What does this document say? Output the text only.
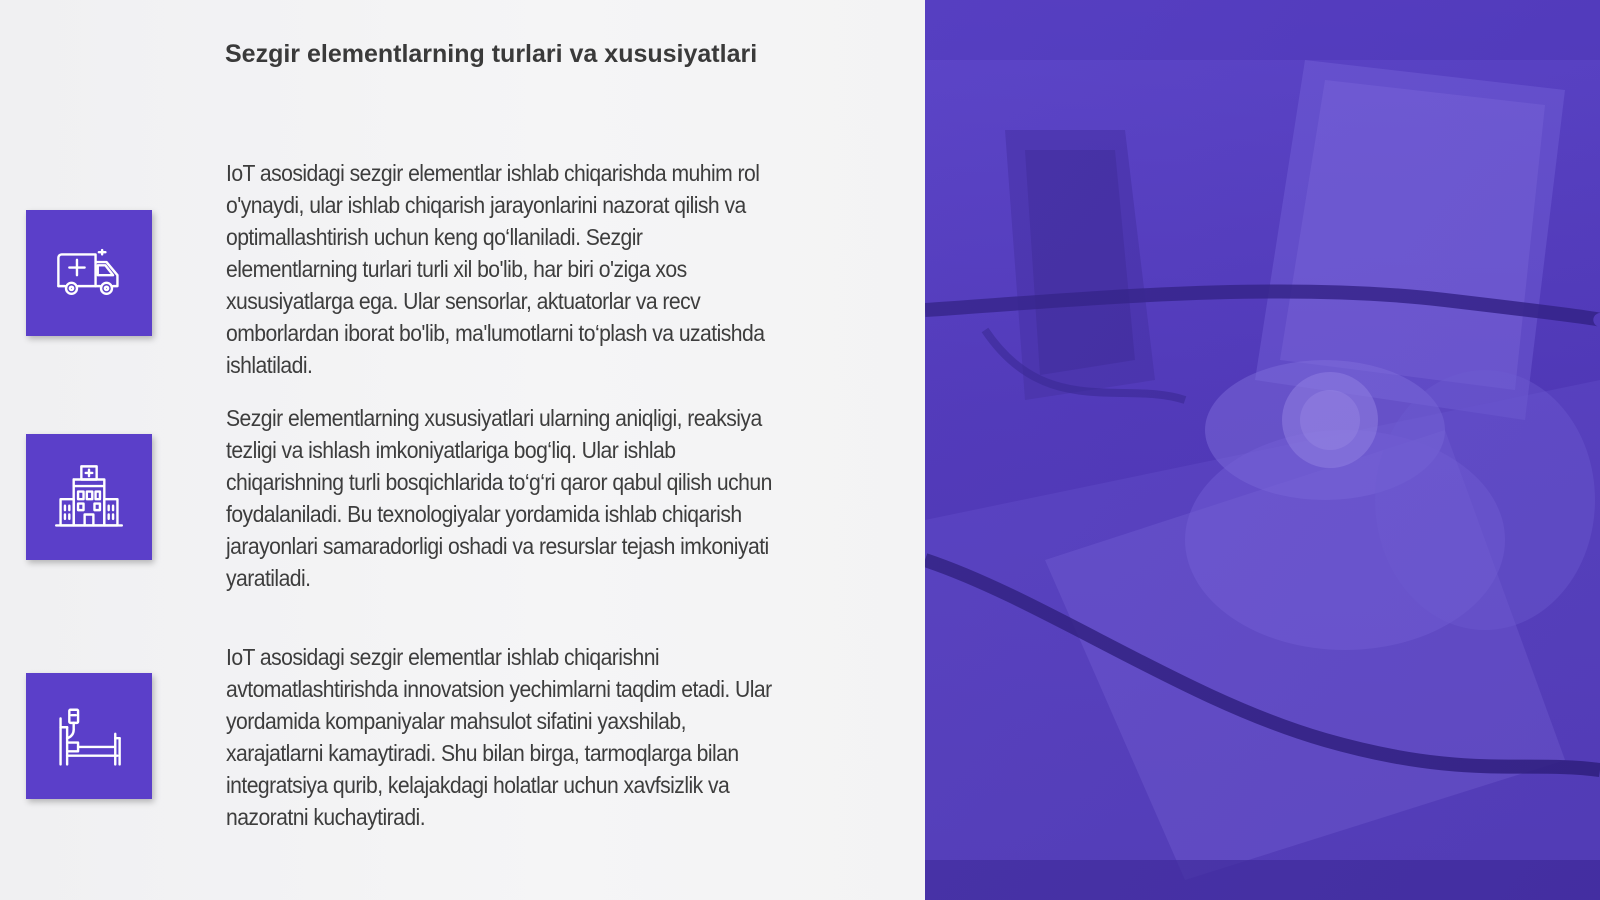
Sezgir elementlarning turlari va xususiyatlari

IoT asosidagi sezgir elementlar ishlab chiqarishda muhim rol o'ynaydi, ular ishlab chiqarish jarayonlarini nazorat qilish va optimallashtirish uchun keng qo‘llaniladi. Sezgir elementlarning turlari turli xil bo'lib, har biri o'ziga xos xususiyatlarga ega. Ular sensorlar, aktuatorlar va recv omborlardan iborat bo'lib, ma'lumotlarni to‘plash va uzatishda ishlatiladi.

Sezgir elementlarning xususiyatlari ularning aniqligi, reaksiya tezligi va ishlash imkoniyatlariga bog‘liq. Ular ishlab chiqarishning turli bosqichlarida to‘g‘ri qaror qabul qilish uchun foydalaniladi. Bu texnologiyalar yordamida ishlab chiqarish jarayonlari samaradorligi oshadi va resurslar tejash imkoniyati yaratiladi.

IoT asosidagi sezgir elementlar ishlab chiqarishni avtomatlashtirishda innovatsion yechimlarni taqdim etadi. Ular yordamida kompaniyalar mahsulot sifatini yaxshilab, xarajatlarni kamaytiradi. Shu bilan birga, tarmoqlarga bilan integratsiya qurib, kelajakdagi holatlar uchun xavfsizlik va nazoratni kuchaytiradi.
